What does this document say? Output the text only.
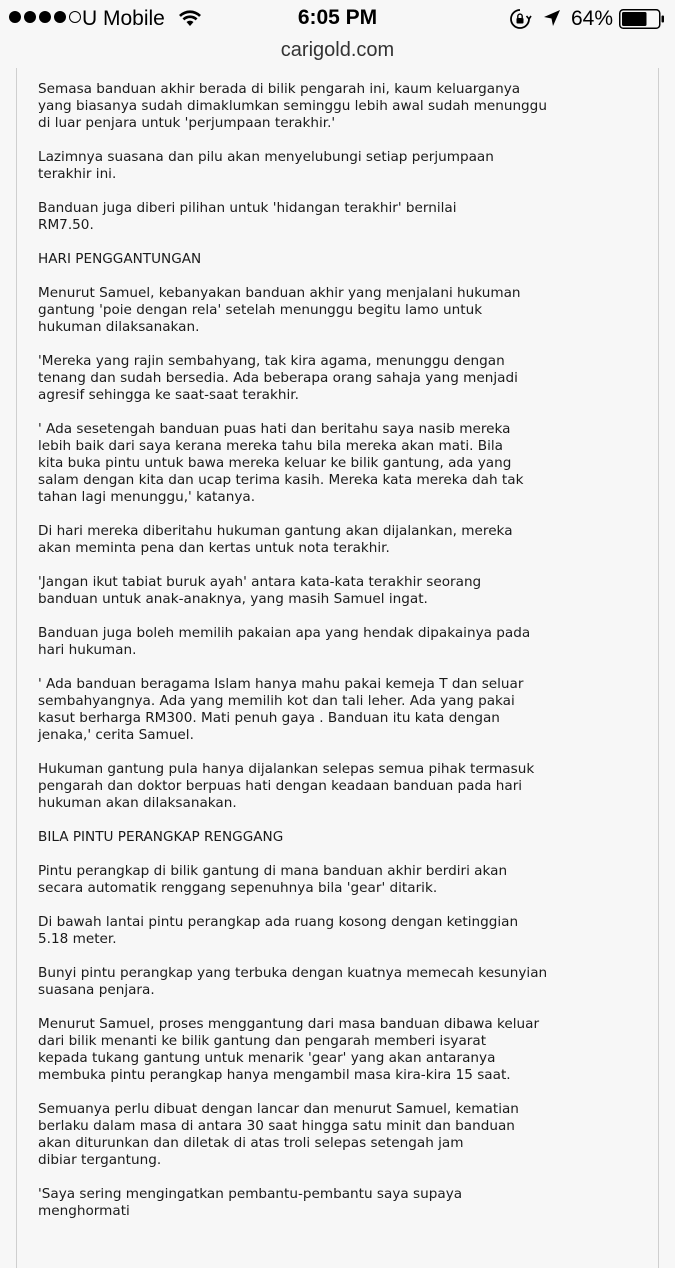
U Mobile	6:05 PM	64%
carigold.com

Semasa banduan akhir berada di bilik pengarah ini, kaum keluarganya
yang biasanya sudah dimaklumkan seminggu lebih awal sudah menunggu
di luar penjara untuk 'perjumpaan terakhir.'

Lazimnya suasana dan pilu akan menyelubungi setiap perjumpaan
terakhir ini.

Banduan juga diberi pilihan untuk 'hidangan terakhir' bernilai
RM7.50.

HARI PENGGANTUNGAN

Menurut Samuel, kebanyakan banduan akhir yang menjalani hukuman
gantung 'poie dengan rela' setelah menunggu begitu lamo untuk
hukuman dilaksanakan.

'Mereka yang rajin sembahyang, tak kira agama, menunggu dengan
tenang dan sudah bersedia. Ada beberapa orang sahaja yang menjadi
agresif sehingga ke saat-saat terakhir.

' Ada sesetengah banduan puas hati dan beritahu saya nasib mereka
lebih baik dari saya kerana mereka tahu bila mereka akan mati. Bila
kita buka pintu untuk bawa mereka keluar ke bilik gantung, ada yang
salam dengan kita dan ucap terima kasih. Mereka kata mereka dah tak
tahan lagi menunggu,' katanya.

Di hari mereka diberitahu hukuman gantung akan dijalankan, mereka
akan meminta pena dan kertas untuk nota terakhir.

'Jangan ikut tabiat buruk ayah' antara kata-kata terakhir seorang
banduan untuk anak-anaknya, yang masih Samuel ingat.

Banduan juga boleh memilih pakaian apa yang hendak dipakainya pada
hari hukuman.

' Ada banduan beragama Islam hanya mahu pakai kemeja T dan seluar
sembahyangnya. Ada yang memilih kot dan tali leher. Ada yang pakai
kasut berharga RM300. Mati penuh gaya . Banduan itu kata dengan
jenaka,' cerita Samuel.

Hukuman gantung pula hanya dijalankan selepas semua pihak termasuk
pengarah dan doktor berpuas hati dengan keadaan banduan pada hari
hukuman akan dilaksanakan.

BILA PINTU PERANGKAP RENGGANG

Pintu perangkap di bilik gantung di mana banduan akhir berdiri akan
secara automatik renggang sepenuhnya bila 'gear' ditarik.

Di bawah lantai pintu perangkap ada ruang kosong dengan ketinggian
5.18 meter.

Bunyi pintu perangkap yang terbuka dengan kuatnya memecah kesunyian
suasana penjara.

Menurut Samuel, proses menggantung dari masa banduan dibawa keluar
dari bilik menanti ke bilik gantung dan pengarah memberi isyarat
kepada tukang gantung untuk menarik 'gear' yang akan antaranya
membuka pintu perangkap hanya mengambil masa kira-kira 15 saat.

Semuanya perlu dibuat dengan lancar dan menurut Samuel, kematian
berlaku dalam masa di antara 30 saat hingga satu minit dan banduan
akan diturunkan dan diletak di atas troli selepas setengah jam
dibiar tergantung.

'Saya sering mengingatkan pembantu-pembantu saya supaya menghormati
